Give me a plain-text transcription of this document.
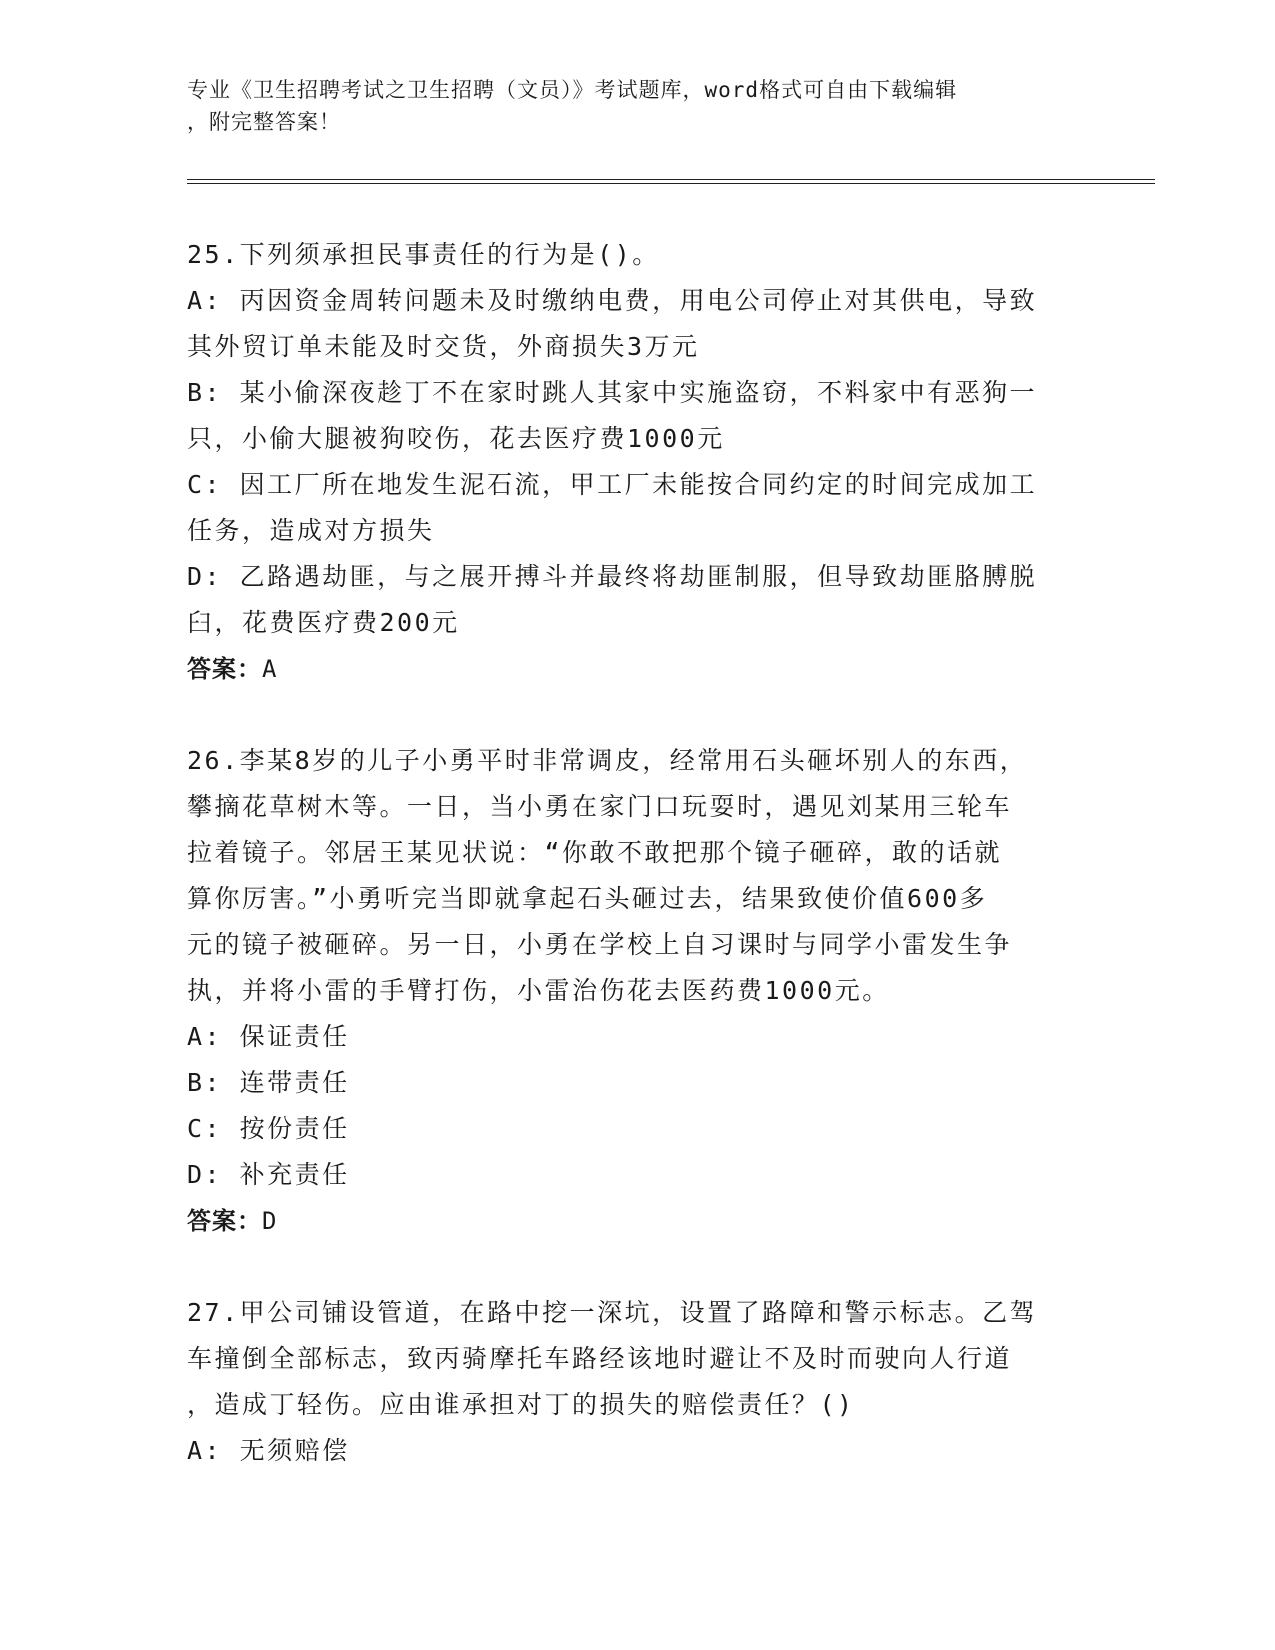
专业《卫生招聘考试之卫生招聘（文员）》考试题库，word格式可自由下载编辑
，附完整答案！
25.下列须承担民事责任的行为是()。
A: 丙因资金周转问题未及时缴纳电费，用电公司停止对其供电，导致
其外贸订单未能及时交货，外商损失3万元
B: 某小偷深夜趁丁不在家时跳人其家中实施盗窃，不料家中有恶狗一
只，小偷大腿被狗咬伤，花去医疗费1000元
C: 因工厂所在地发生泥石流，甲工厂未能按合同约定的时间完成加工
任务，造成对方损失
D: 乙路遇劫匪，与之展开搏斗并最终将劫匪制服，但导致劫匪胳膊脱
臼，花费医疗费200元
答案：A
26.李某8岁的儿子小勇平时非常调皮，经常用石头砸坏别人的东西，
攀摘花草树木等。一日，当小勇在家门口玩耍时，遇见刘某用三轮车
拉着镜子。邻居王某见状说：“你敢不敢把那个镜子砸碎，敢的话就
算你厉害。”小勇听完当即就拿起石头砸过去，结果致使价值600多
元的镜子被砸碎。另一日，小勇在学校上自习课时与同学小雷发生争
执，并将小雷的手臂打伤，小雷治伤花去医药费1000元。
A: 保证责任
B: 连带责任
C: 按份责任
D: 补充责任
答案：D
27.甲公司铺设管道，在路中挖一深坑，设置了路障和警示标志。乙驾
车撞倒全部标志，致丙骑摩托车路经该地时避让不及时而驶向人行道
，造成丁轻伤。应由谁承担对丁的损失的赔偿责任？()
A: 无须赔偿
